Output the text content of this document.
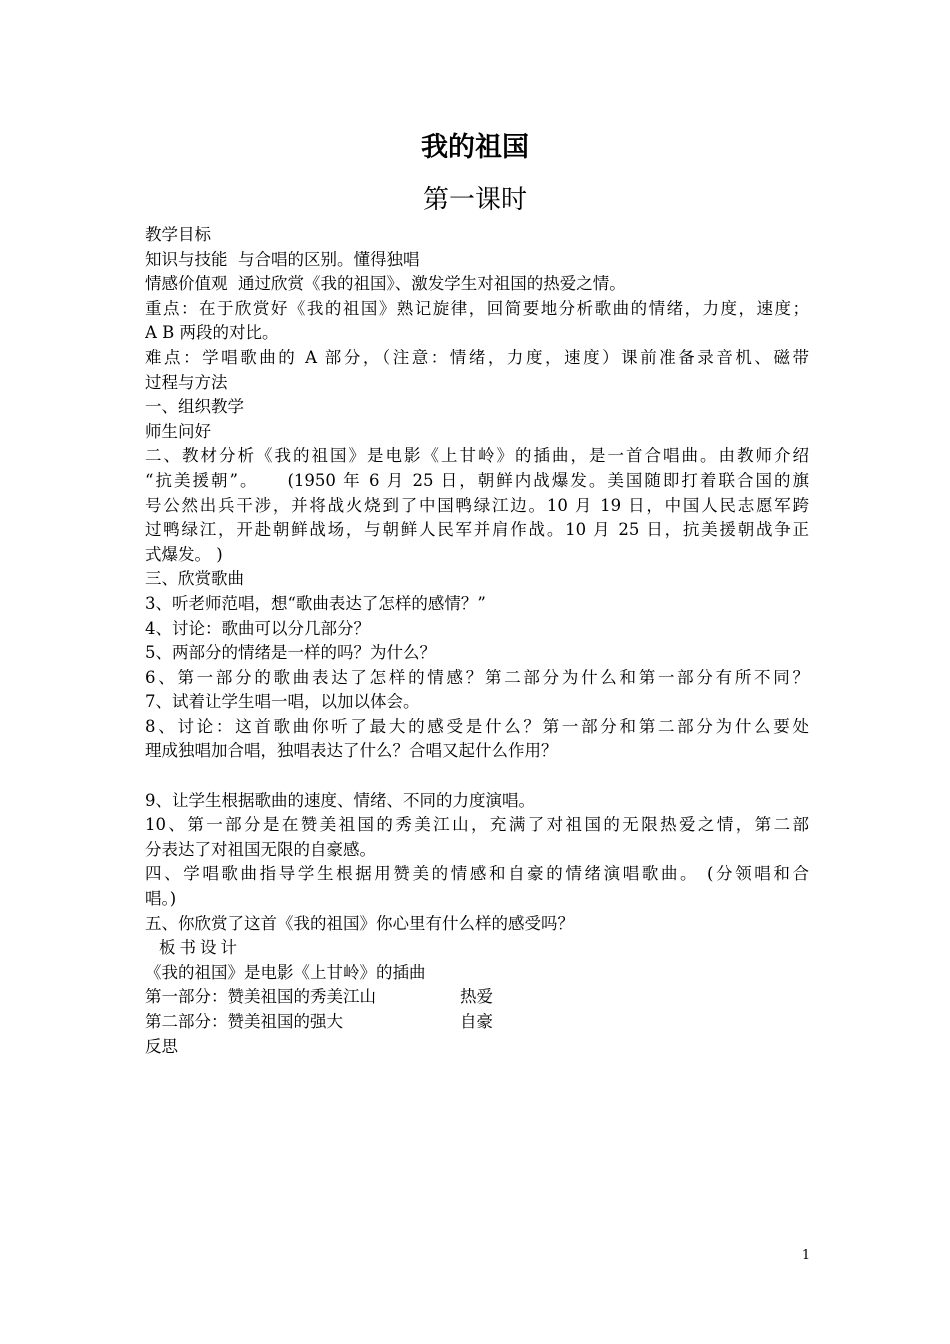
我的祖国
第一课时
教学目标
知识与技能  与合唱的区别。懂得独唱
情感价值观  通过欣赏《我的祖国》、激发学生对祖国的热爱之情。
重点：在于欣赏好《我的祖国》熟记旋律，回简要地分析歌曲的情绪，力度，速度；
A B 两段的对比。
难点：学唱歌曲的 A 部分，（注意：情绪，力度，速度）课前准备录音机、磁带
过程与方法
一、组织教学
师生问好
二、教材分析《我的祖国》是电影《上甘岭》的插曲，是一首合唱曲。由教师介绍
“抗美援朝”。    (1950 年 6 月 25 日，朝鲜内战爆发。美国随即打着联合国的旗
号公然出兵干涉，并将战火烧到了中国鸭绿江边。10 月 19 日，中国人民志愿军跨
过鸭绿江，开赴朝鲜战场，与朝鲜人民军并肩作战。10 月 25 日，抗美援朝战争正
式爆发。 )
三、欣赏歌曲
3、听老师范唱，想“歌曲表达了怎样的感情？”
4、讨论：歌曲可以分几部分？
5、两部分的情绪是一样的吗？为什么？
6、第一部分的歌曲表达了怎样的情感？第二部分为什么和第一部分有所不同？
7、试着让学生唱一唱，以加以体会。
8、讨论：这首歌曲你听了最大的感受是什么？第一部分和第二部分为什么要处
理成独唱加合唱，独唱表达了什么？合唱又起什么作用？
9、让学生根据歌曲的速度、情绪、不同的力度演唱。
10、第一部分是在赞美祖国的秀美江山，充满了对祖国的无限热爱之情，第二部
分表达了对祖国无限的自豪感。
四、学唱歌曲指导学生根据用赞美的情感和自豪的情绪演唱歌曲。 (分领唱和合
唱。)
五、你欣赏了这首《我的祖国》你心里有什么样的感受吗？
板书设计
《我的祖国》是电影《上甘岭》的插曲
第一部分：赞美祖国的秀美江山	热爱
第二部分：赞美祖国的强大	自豪
反思
1
